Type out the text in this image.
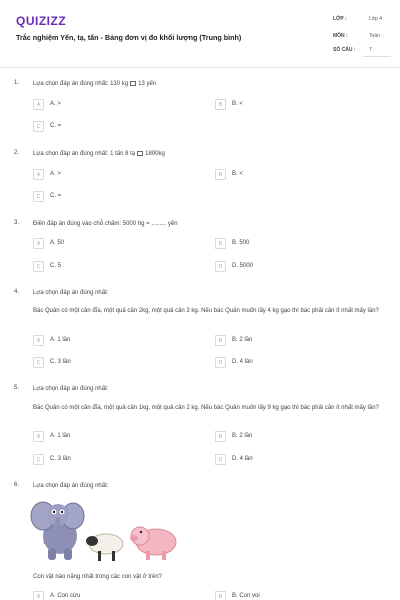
QUIZIZZ
Trắc nghiệm Yến, tạ, tấn - Bảng đơn vị đo khối lượng (Trung bình)
LỚP :	Lớp 4
MÔN :	Toán
SỐ CÂU :	7
1. Lựa chọn đáp án đúng nhất: 130 kg 13 yến
A	A. >	B	B. <
C	C. =
2. Lựa chọn đáp án đúng nhất: 1 tấn 8 tạ 1800kg
A	A. >	B	B. <
C	C. =
3. Điền đáp án đúng vào chỗ chấm: 5000 hg = ......... yến
A	A. 50	B	B. 500
C	C. 5	D	D. 5000
4. Lựa chọn đáp án đúng nhất:
Bác Quân có một cân đĩa, một quả cân 2kg, một quả cân 3 kg. Nếu bác Quân muốn lấy 4 kg gạo thì bác phải cân ít nhất mấy lần?
A	A. 1 lần	B	B. 2 lần
C	C. 3 lần	D	D. 4 lần
5. Lựa chọn đáp án đúng nhất:
Bác Quân có một cân đĩa, một quả cân 1kg, một quả cân 2 kg. Nếu bác Quân muốn lấy 9 kg gạo thì bác phải cân ít nhất mấy lần?
A	A. 1 lần	B	B. 2 lần
C	C. 3 lần	D	D. 4 lần
6. Lựa chọn đáp án đúng nhất:
Con vật nào nặng nhất trong các con vật ở trên?
A	A. Con cừu	B	B. Con voi
